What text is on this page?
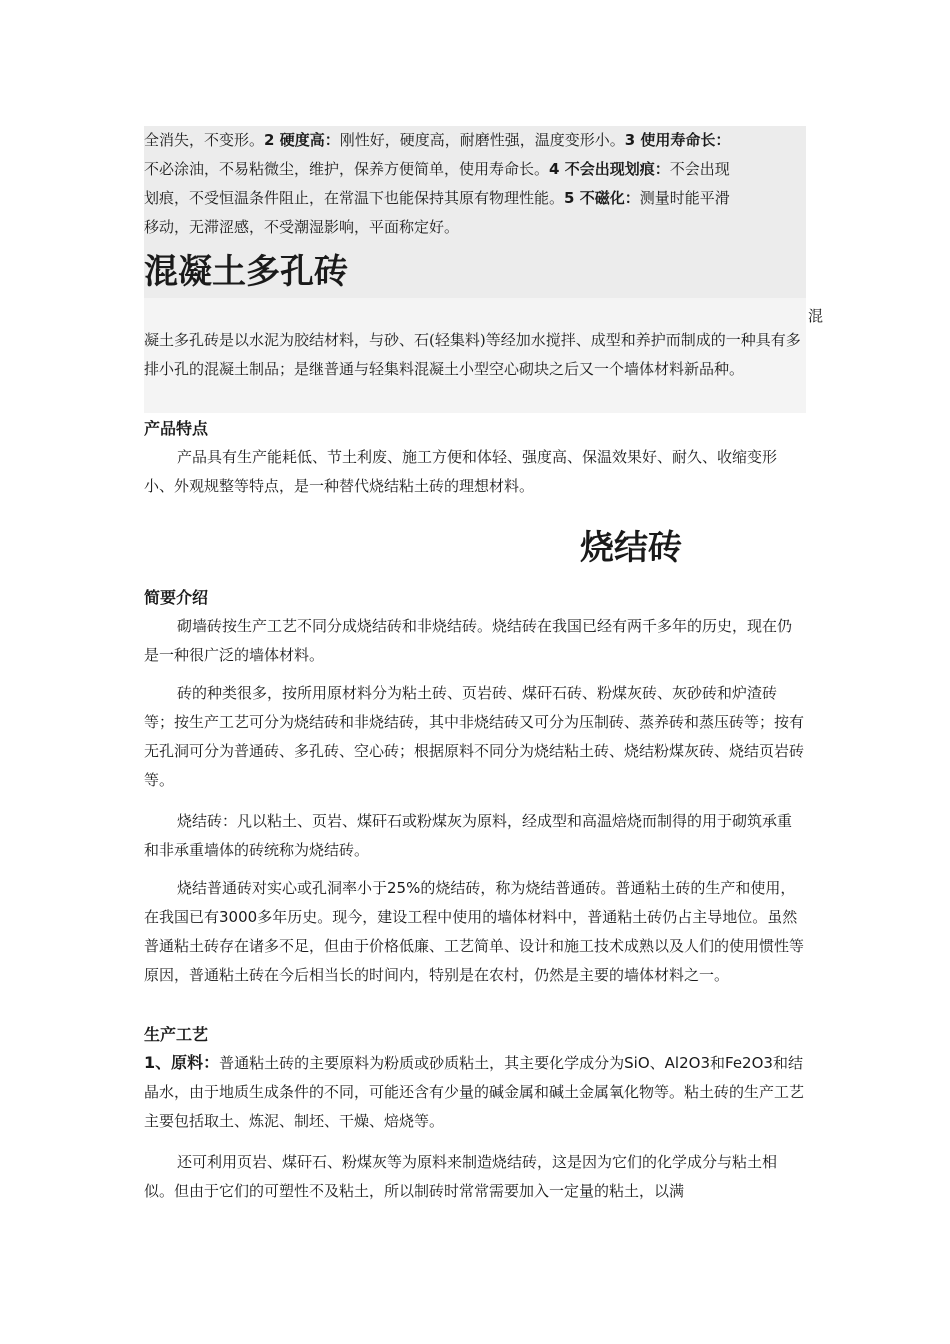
全消失，不变形。2 硬度高：刚性好，硬度高，耐磨性强，温度变形小。3 使用寿命长：
不必涂油，不易粘微尘，维护，保养方便简单，使用寿命长。4 不会出现划痕：不会出现
划痕，不受恒温条件阻止，在常温下也能保持其原有物理性能。5 不磁化：测量时能平滑
移动，无滞涩感，不受潮湿影响，平面称定好。
混凝土多孔砖
混
凝土多孔砖是以水泥为胶结材料，与砂、石(轻集料)等经加水搅拌、成型和养护而制成的一种具有多排小孔的混凝土制品；是继普通与轻集料混凝土小型空心砌块之后又一个墙体材料新品种。
产品特点
产品具有生产能耗低、节土利废、施工方便和体轻、强度高、保温效果好、耐久、收缩变形小、外观规整等特点，是一种替代烧结粘土砖的理想材料。
烧结砖
简要介绍
砌墙砖按生产工艺不同分成烧结砖和非烧结砖。烧结砖在我国已经有两千多年的历史，现在仍是一种很广泛的墙体材料。
砖的种类很多，按所用原材料分为粘土砖、页岩砖、煤矸石砖、粉煤灰砖、灰砂砖和炉渣砖等；按生产工艺可分为烧结砖和非烧结砖，其中非烧结砖又可分为压制砖、蒸养砖和蒸压砖等；按有无孔洞可分为普通砖、多孔砖、空心砖；根据原料不同分为烧结粘土砖、烧结粉煤灰砖、烧结页岩砖等。
烧结砖：凡以粘土、页岩、煤矸石或粉煤灰为原料，经成型和高温焙烧而制得的用于砌筑承重和非承重墙体的砖统称为烧结砖。
烧结普通砖对实心或孔洞率小于25%的烧结砖，称为烧结普通砖。普通粘土砖的生产和使用，在我国已有3000多年历史。现今，建设工程中使用的墙体材料中，普通粘土砖仍占主导地位。虽然普通粘土砖存在诸多不足，但由于价格低廉、工艺简单、设计和施工技术成熟以及人们的使用惯性等原因，普通粘土砖在今后相当长的时间内，特别是在农村，仍然是主要的墙体材料之一。
生产工艺
1、原料：普通粘土砖的主要原料为粉质或砂质粘土，其主要化学成分为SiO、Al2O3和Fe2O3和结晶水，由于地质生成条件的不同，可能还含有少量的碱金属和碱土金属氧化物等。粘土砖的生产工艺主要包括取土、炼泥、制坯、干燥、焙烧等。
还可利用页岩、煤矸石、粉煤灰等为原料来制造烧结砖，这是因为它们的化学成分与粘土相似。但由于它们的可塑性不及粘土，所以制砖时常常需要加入一定量的粘土，以满
